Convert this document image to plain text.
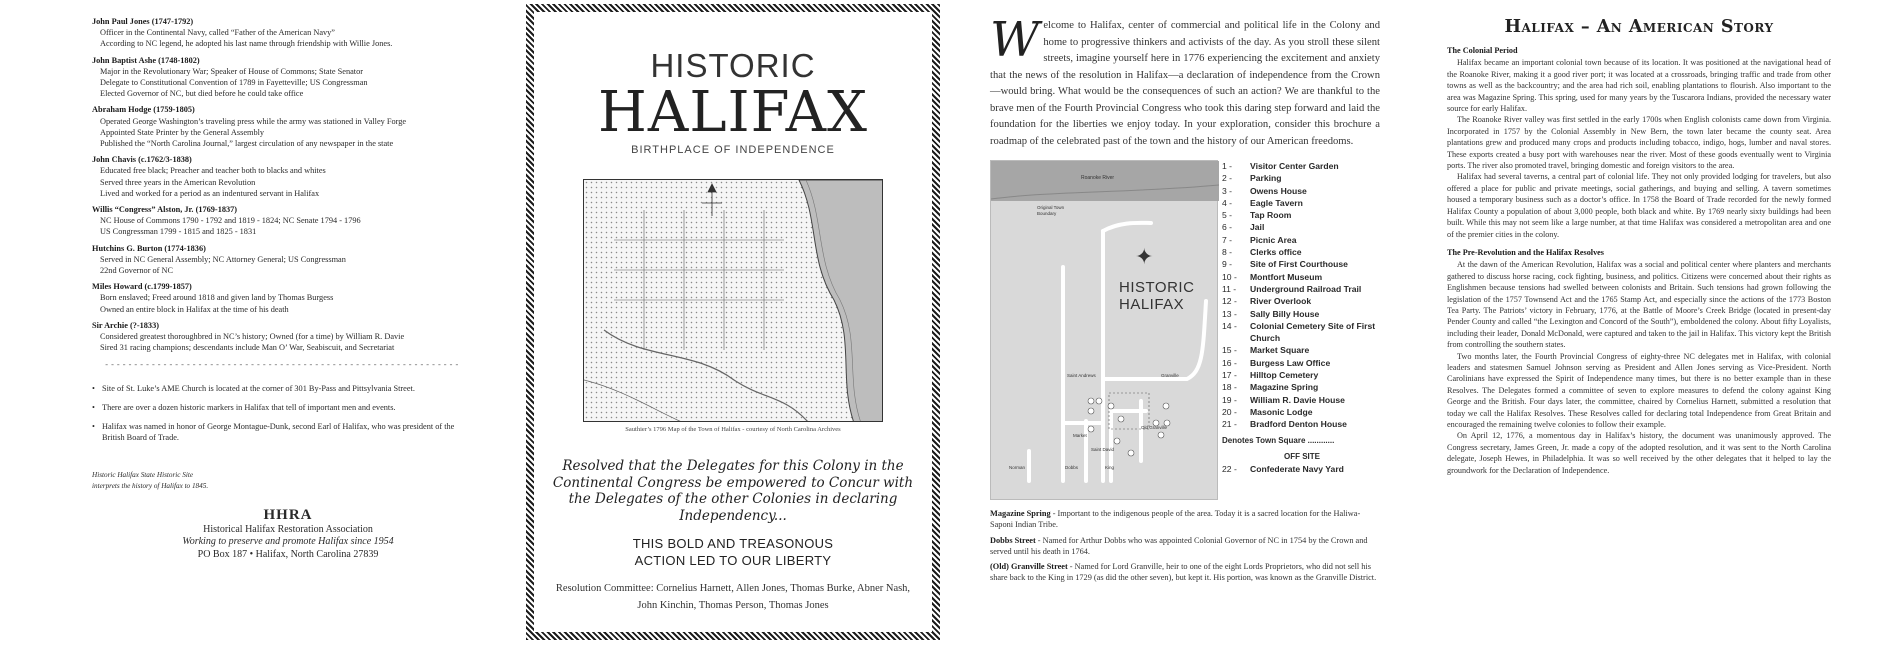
John Paul Jones (1747-1792)
Officer in the Continental Navy, called “Father of the American Navy”
According to NC legend, he adopted his last name through friendship with Willie Jones.
John Baptist Ashe (1748-1802)
Major in the Revolutionary War; Speaker of House of Commons; State Senator
Delegate to Constitutional Convention of 1789 in Fayetteville; US Congressman
Elected Governor of NC, but died before he could take office
Abraham Hodge (1759-1805)
Operated George Washington’s traveling press while the army was stationed in Valley Forge
Appointed State Printer by the General Assembly
Published the “North Carolina Journal,” largest circulation of any newspaper in the state
John Chavis (c.1762/3-1838)
Educated free black; Preacher and teacher both to blacks and whites
Served three years in the American Revolution
Lived and worked for a period as an indentured servant in Halifax
Willis “Congress” Alston, Jr. (1769-1837)
NC House of Commons 1790 - 1792 and 1819 - 1824; NC Senate 1794 - 1796
US Congressman 1799 - 1815 and 1825 - 1831
Hutchins G. Burton (1774-1836)
Served in NC General Assembly; NC Attorney General; US Congressman
22nd Governor of NC
Miles Howard (c.1799-1857)
Born enslaved; Freed around 1818 and given land by Thomas Burgess
Owned an entire block in Halifax at the time of his death
Sir Archie (?-1833)
Considered greatest thoroughbred in NC’s history; Owned (for a time) by William R. Davie
Sired 31 racing champions; descendants include Man O’ War, Seabiscuit, and Secretariat
- - - - - - - - - - - - - - - - - - - - - - - - - - - - - - - - - - - - - - - - - - - - - - - - - - - - - - - - - - - - -
• Site of St. Luke’s AME Church is located at the corner of 301 By-Pass and Pittsylvania Street.
• There are over a dozen historic markers in Halifax that tell of important men and events.
• Halifax was named in honor of George Montague-Dunk, second Earl of Halifax, who was president of the British Board of Trade.
Historic Halifax State Historic Site
interprets the history of Halifax to 1845.
HHRA
Historical Halifax Restoration Association
Working to preserve and promote Halifax since 1954
PO Box 187 • Halifax, North Carolina 27839
HISTORIC
HALIFAX
BIRTHPLACE OF INDEPENDENCE
Sauthier’s 1796 Map of the Town of Halifax - courtesy of North Carolina Archives
Resolved that the Delegates for this Colony in the Continental Congress be empowered to Concur with the Delegates of the other Colonies in declaring Independency...
THIS BOLD AND TREASONOUS
ACTION LED TO OUR LIBERTY
Resolution Committee: Cornelius Harnett, Allen Jones, Thomas Burke, Abner Nash, John Kinchin, Thomas Person, Thomas Jones
Welcome to Halifax, center of commercial and political life in the Colony and home to progressive thinkers and activists of the day. As you stroll these silent streets, imagine yourself here in 1776 experiencing the excitement and anxiety that the news of the resolution in Halifax—a declaration of independence from the Crown—would bring. What would be the consequences of such an action? We are thankful to the brave men of the Fourth Provincial Congress who took this daring step forward and laid the foundation for the liberties we enjoy today. In your exploration, consider this brochure a roadmap of the celebrated past of the town and the history of our American freedoms.
Roanoke River
Original Town Boundary
✦
HISTORIC
HALIFAX
Saint Andrews	Granville
Market
Saint David
Dobbs	King
Norman
Old Granville
1 -	Visitor Center Garden
2 -	Parking
3 -	Owens House
4 -	Eagle Tavern
5 -	Tap Room
6 -	Jail
7 -	Picnic Area
8 -	Clerks office
9 -	Site of First Courthouse
10 -	Montfort Museum
11 -	Underground Railroad Trail
12 -	River Overlook
13 -	Sally Billy House
14 -	Colonial Cemetery Site of First Church
15 -	Market Square
16 -	Burgess Law Office
17 -	Hilltop Cemetery
18 -	Magazine Spring
19 -	William R. Davie House
20 -	Masonic Lodge
21 -	Bradford Denton House
Denotes Town Square ............
OFF SITE
22 -	Confederate Navy Yard
Magazine Spring - Important to the indigenous people of the area. Today it is a sacred location for the Haliwa-Saponi Indian Tribe.
Dobbs Street - Named for Arthur Dobbs who was appointed Colonial Governor of NC in 1754 by the Crown and served until his death in 1764.
(Old) Granville Street - Named for Lord Granville, heir to one of the eight Lords Proprietors, who did not sell his share back to the King in 1729 (as did the other seven), but kept it. His portion, was known as the Granville District.
Halifax – An American Story
The Colonial Period
Halifax became an important colonial town because of its location. It was positioned at the navigational head of the Roanoke River, making it a good river port; it was located at a crossroads, bringing traffic and trade from other towns as well as the backcountry; and the area had rich soil, enabling plantations to flourish. Also important to the area was Magazine Spring. This spring, used for many years by the Tuscarora Indians, provided the necessary water source for early Halifax.
The Roanoke River valley was first settled in the early 1700s when English colonists came down from Virginia. Incorporated in 1757 by the Colonial Assembly in New Bern, the town later became the county seat. Area plantations grew and produced many crops and products including tobacco, indigo, hogs, lumber and naval stores. These exports created a busy port with warehouses near the river. Most of these goods eventually went to Virginia ports. The river also promoted travel, bringing domestic and foreign visitors to the area.
Halifax had several taverns, a central part of colonial life. They not only provided lodging for travelers, but also offered a place for public and private meetings, social gatherings, and buying and selling. A tavern sometimes housed a temporary business such as a doctor’s office. In 1758 the Board of Trade recorded for the newly formed Halifax County a population of about 3,000 people, both black and white. By 1769 nearly sixty buildings had been built. While this may not seem like a large number, at that time Halifax was considered a metropolitan area and one of the premier cities in the colony.
The Pre-Revolution and the Halifax Resolves
At the dawn of the American Revolution, Halifax was a social and political center where planters and merchants gathered to discuss horse racing, cock fighting, business, and politics. Citizens were concerned about their rights as Englishmen because tensions had swelled between colonists and Britain. Such tensions had grown following the legislation of the 1757 Townsend Act and the 1765 Stamp Act, and especially since the actions of the 1773 Boston Tea Party. The Patriots’ victory in February, 1776, at the Battle of Moore’s Creek Bridge (located in present-day Pender County and called “the Lexington and Concord of the South”), emboldened the colony. About fifty Loyalists, including their leader, Donald McDonald, were captured and taken to the jail in Halifax. This victory kept the British from controlling the southern states.
Two months later, the Fourth Provincial Congress of eighty-three NC delegates met in Halifax, with colonial leaders and statesmen Samuel Johnson serving as President and Allen Jones serving as Vice-President. North Carolinians have expressed the Spirit of Independence many times, but there is no better example than in these Resolves. The Delegates formed a committee of seven to explore measures to defend the colony against King George and the British. Four days later, the committee, chaired by Cornelius Harnett, submitted a resolution that today we call the Halifax Resolves. These Resolves called for declaring total Independence from Great Britain and encouraged the remaining twelve colonies to follow their example.
On April 12, 1776, a momentous day in Halifax’s history, the document was unanimously approved. The Congress secretary, James Green, Jr. made a copy of the adopted resolution, and it was sent to the North Carolina delegate, Joseph Hewes, in Philadelphia. It was so well received by the other delegates that it helped to lay the groundwork for the Declaration of Independence.
